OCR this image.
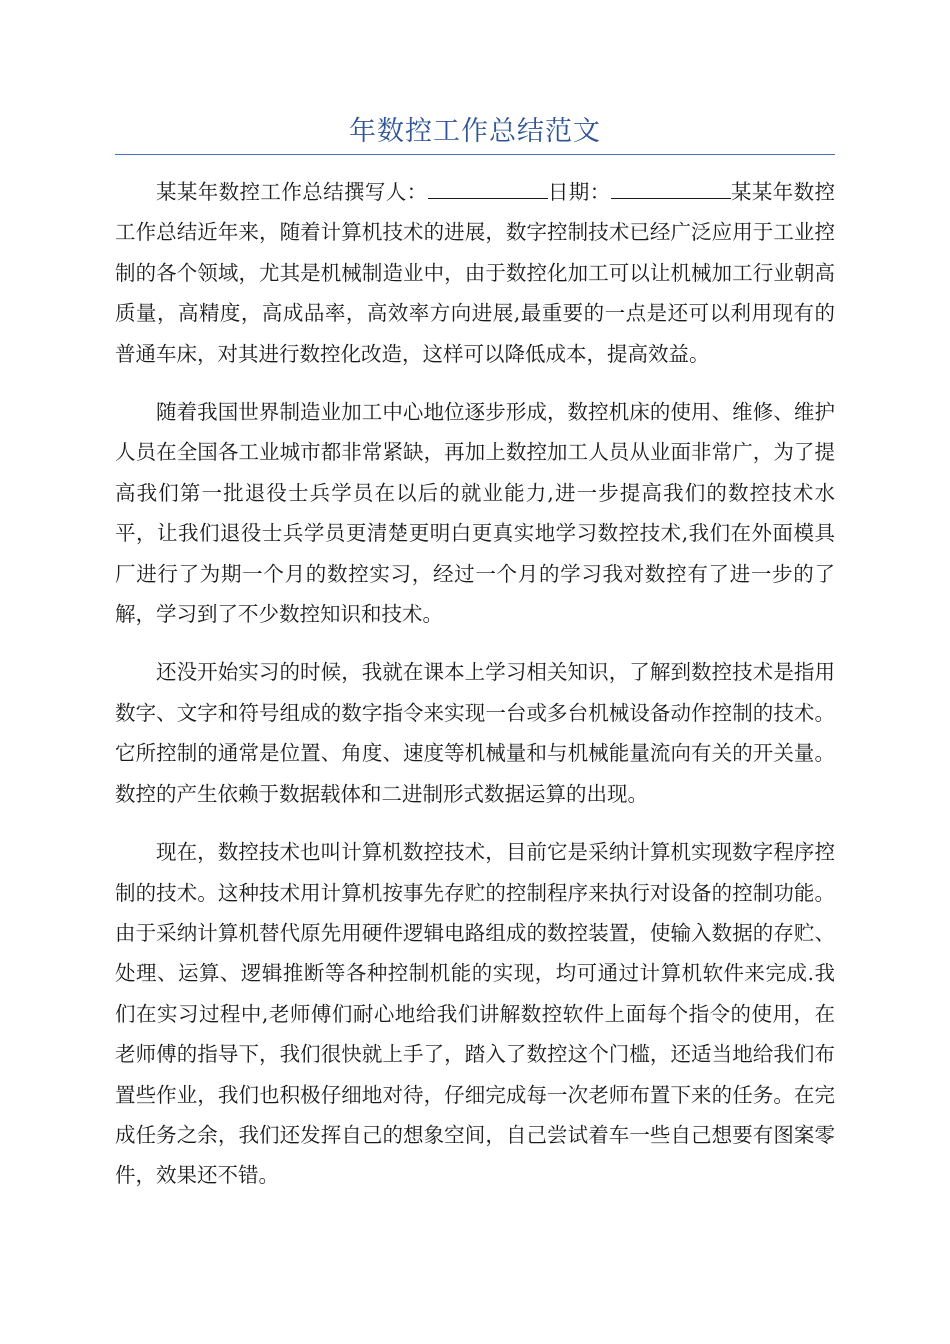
年数控工作总结范文

某某年数控工作总结撰写人：	日期：	某某年数控工作总结近年来，随着计算机技术的进展，数字控制技术已经广泛应用于工业控制的各个领域，尤其是机械制造业中，由于数控化加工可以让机械加工行业朝高质量，高精度，高成品率，高效率方向进展,最重要的一点是还可以利用现有的普通车床，对其进行数控化改造，这样可以降低成本，提高效益。

随着我国世界制造业加工中心地位逐步形成，数控机床的使用、维修、维护人员在全国各工业城市都非常紧缺，再加上数控加工人员从业面非常广，为了提高我们第一批退役士兵学员在以后的就业能力,进一步提高我们的数控技术水平，让我们退役士兵学员更清楚更明白更真实地学习数控技术,我们在外面模具厂进行了为期一个月的数控实习，经过一个月的学习我对数控有了进一步的了解，学习到了不少数控知识和技术。

还没开始实习的时候，我就在课本上学习相关知识，了解到数控技术是指用数字、文字和符号组成的数字指令来实现一台或多台机械设备动作控制的技术。它所控制的通常是位置、角度、速度等机械量和与机械能量流向有关的开关量。数控的产生依赖于数据载体和二进制形式数据运算的出现。

现在，数控技术也叫计算机数控技术，目前它是采纳计算机实现数字程序控制的技术。这种技术用计算机按事先存贮的控制程序来执行对设备的控制功能。由于采纳计算机替代原先用硬件逻辑电路组成的数控装置，使输入数据的存贮、处理、运算、逻辑推断等各种控制机能的实现，均可通过计算机软件来完成.我们在实习过程中,老师傅们耐心地给我们讲解数控软件上面每个指令的使用，在老师傅的指导下，我们很快就上手了，踏入了数控这个门槛，还适当地给我们布置些作业，我们也积极仔细地对待，仔细完成每一次老师布置下来的任务。在完成任务之余，我们还发挥自己的想象空间，自己尝试着车一些自己想要有图案零件，效果还不错。
